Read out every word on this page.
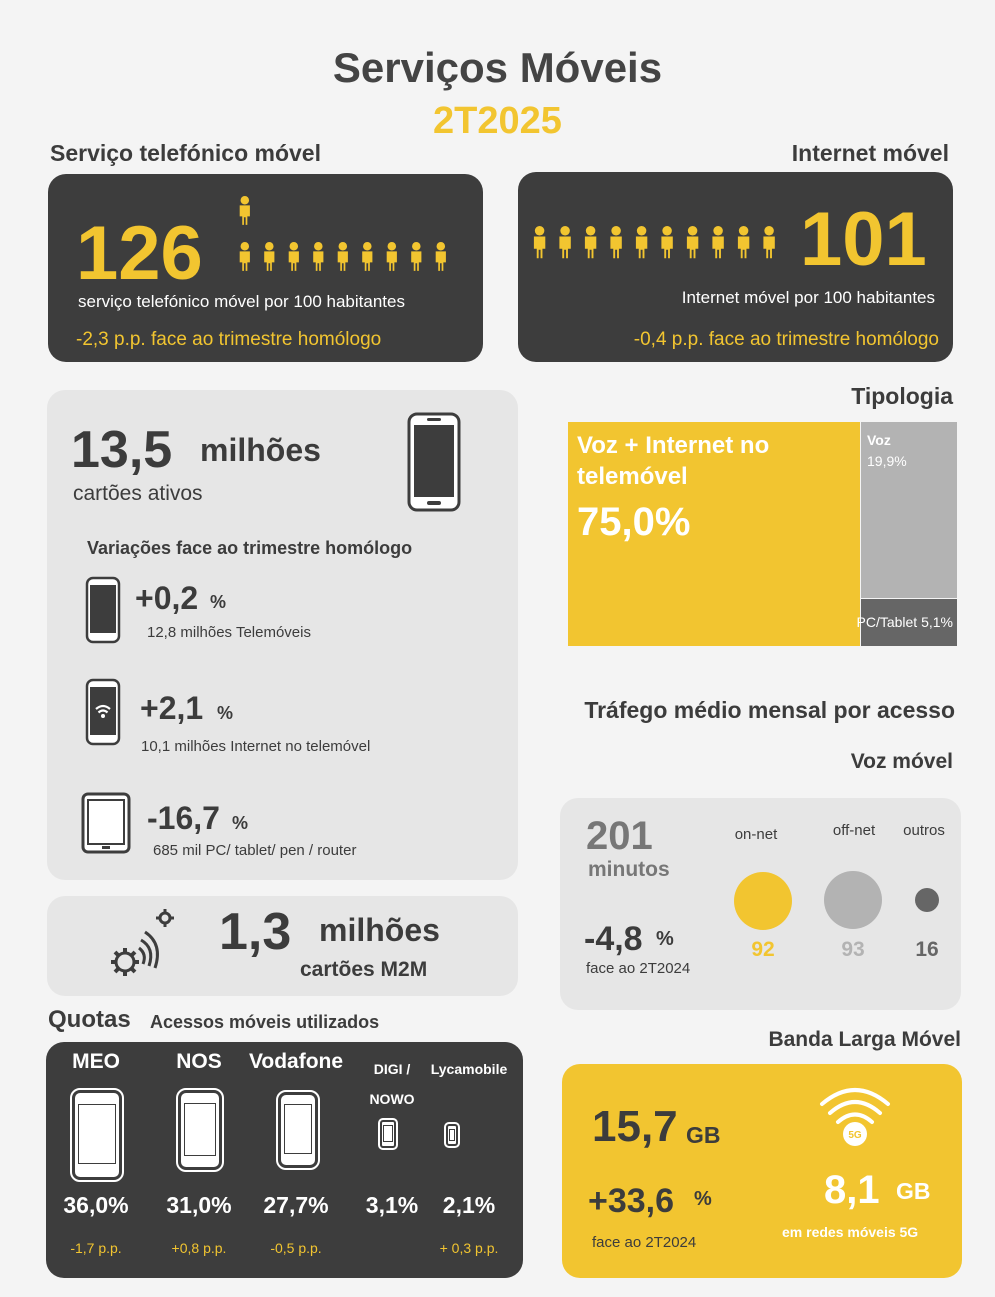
Serviços Móveis
2T2025
Serviço telefónico móvel
126
serviço telefónico móvel por 100 habitantes
-2,3 p.p. face ao trimestre homólogo
Internet móvel
101
Internet móvel por 100 habitantes
-0,4 p.p. face ao trimestre homólogo
13,5 milhões
cartões ativos
Variações face ao trimestre homólogo
+0,2 %
12,8 milhões Telemóveis
+2,1 %
10,1 milhões Internet no telemóvel
-16,7 %
685 mil PC/ tablet/ pen / router
1,3 milhões
cartões M2M
Tipologia
Voz + Internet no telemóvel
75,0%
Voz
19,9%
PC/Tablet 5,1%
Tráfego médio mensal por acesso
Voz móvel
201
minutos
-4,8 %
face ao 2T2024
on-net	off-net	outros
92	93	16
Quotas Acessos móveis utilizados
MEO
36,0%
-1,7 p.p.
NOS
31,0%
+0,8 p.p.
Vodafone
27,7%
-0,5 p.p.
DIGI /
NOWO
3,1%
Lycamobile
2,1%
+ 0,3 p.p.
Banda Larga Móvel
15,7 GB
+33,6 %
face ao 2T2024
5G
8,1 GB
em redes móveis 5G
